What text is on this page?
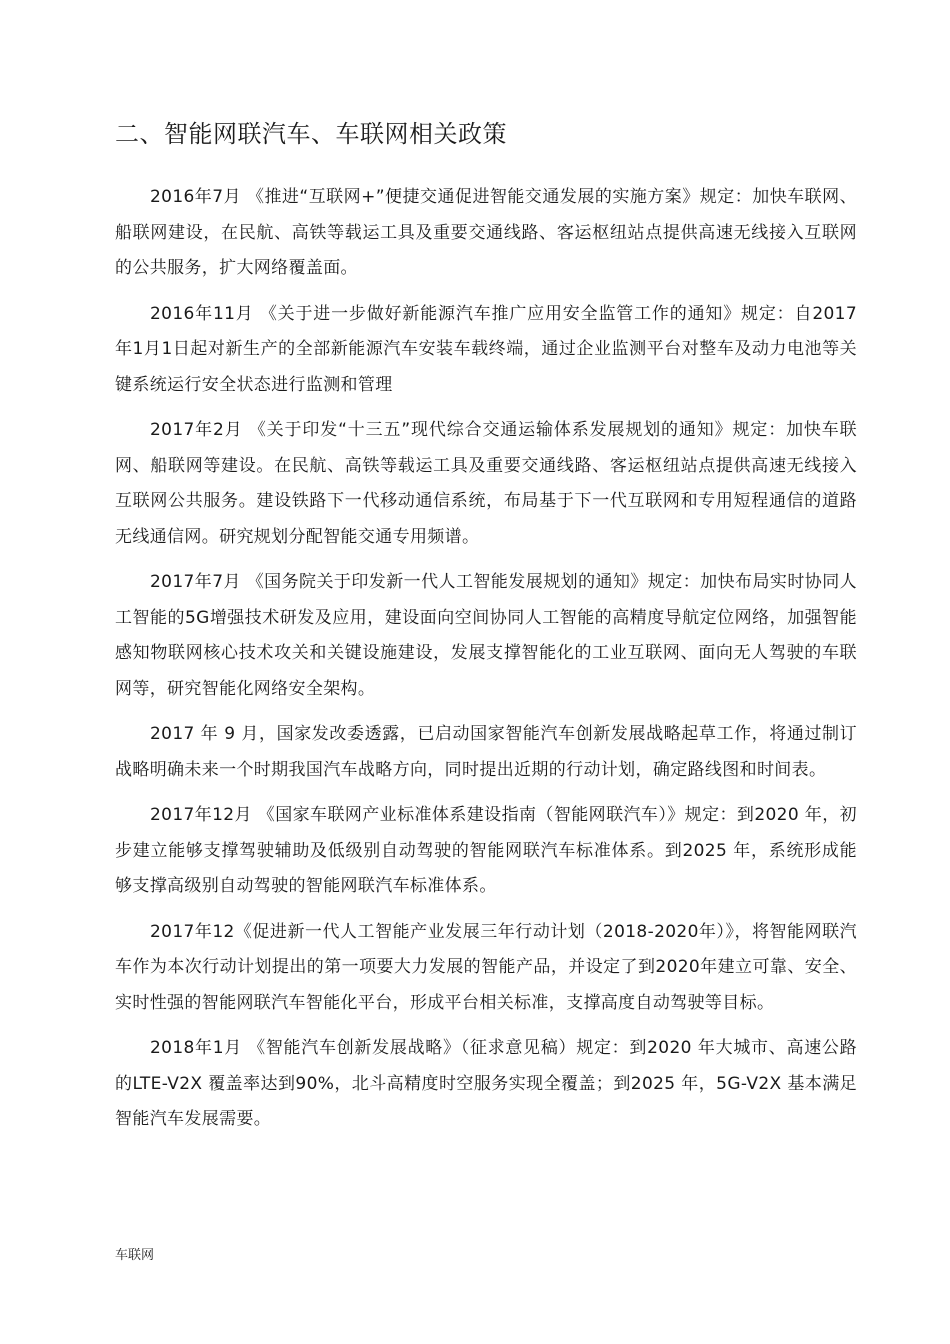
二、智能网联汽车、车联网相关政策

2016年7月 《推进“互联网+”便捷交通促进智能交通发展的实施方案》规定：加快车联网、船联网建设，在民航、高铁等载运工具及重要交通线路、客运枢纽站点提供高速无线接入互联网的公共服务，扩大网络覆盖面。

2016年11月 《关于进一步做好新能源汽车推广应用安全监管工作的通知》规定：自2017 年1月1日起对新生产的全部新能源汽车安装车载终端，通过企业监测平台对整车及动力电池等关键系统运行安全状态进行监测和管理

2017年2月 《关于印发“十三五”现代综合交通运输体系发展规划的通知》规定：加快车联网、船联网等建设。在民航、高铁等载运工具及重要交通线路、客运枢纽站点提供高速无线接入互联网公共服务。建设铁路下一代移动通信系统，布局基于下一代互联网和专用短程通信的道路无线通信网。研究规划分配智能交通专用频谱。

2017年7月 《国务院关于印发新一代人工智能发展规划的通知》规定：加快布局实时协同人工智能的5G增强技术研发及应用，建设面向空间协同人工智能的高精度导航定位网络，加强智能感知物联网核心技术攻关和关键设施建设，发展支撑智能化的工业互联网、面向无人驾驶的车联网等，研究智能化网络安全架构。

2017 年 9 月，国家发改委透露，已启动国家智能汽车创新发展战略起草工作，将通过制订战略明确未来一个时期我国汽车战略方向，同时提出近期的行动计划，确定路线图和时间表。

2017年12月 《国家车联网产业标准体系建设指南（智能网联汽车）》规定：到2020 年，初步建立能够支撑驾驶辅助及低级别自动驾驶的智能网联汽车标准体系。到2025 年，系统形成能够支撑高级别自动驾驶的智能网联汽车标准体系。

2017年12《促进新一代人工智能产业发展三年行动计划（2018-2020年）》，将智能网联汽车作为本次行动计划提出的第一项要大力发展的智能产品，并设定了到2020年建立可靠、安全、实时性强的智能网联汽车智能化平台，形成平台相关标准，支撑高度自动驾驶等目标。

2018年1月 《智能汽车创新发展战略》（征求意见稿）规定：到2020 年大城市、高速公路的LTE-V2X 覆盖率达到90%，北斗高精度时空服务实现全覆盖；到2025 年，5G-V2X 基本满足智能汽车发展需要。

车联网
